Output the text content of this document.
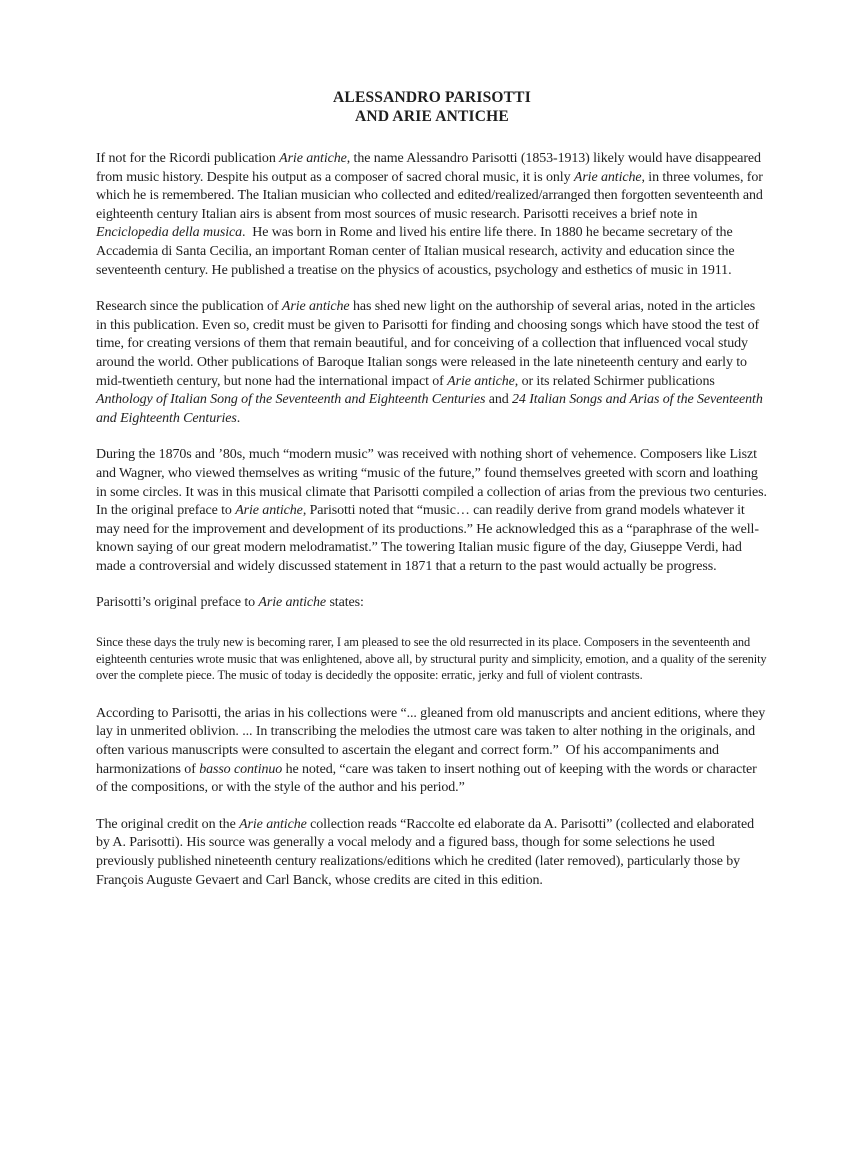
ALESSANDRO PARISOTTI
AND ARIE ANTICHE

If not for the Ricordi publication Arie antiche, the name Alessandro Parisotti (1853-1913) likely would have disappeared from music history. Despite his output as a composer of sacred choral music, it is only Arie antiche, in three volumes, for which he is remembered. The Italian musician who collected and edited/realized/arranged then forgotten seventeenth and eighteenth century Italian airs is absent from most sources of music research. Parisotti receives a brief note in Enciclopedia della musica.  He was born in Rome and lived his entire life there. In 1880 he became secretary of the Accademia di Santa Cecilia, an important Roman center of Italian musical research, activity and education since the seventeenth century. He published a treatise on the physics of acoustics, psychology and esthetics of music in 1911.

Research since the publication of Arie antiche has shed new light on the authorship of several arias, noted in the articles in this publication. Even so, credit must be given to Parisotti for finding and choosing songs which have stood the test of time, for creating versions of them that remain beautiful, and for conceiving of a collection that influenced vocal study around the world. Other publications of Baroque Italian songs were released in the late nineteenth century and early to mid-twentieth century, but none had the international impact of Arie antiche, or its related Schirmer publications Anthology of Italian Song of the Seventeenth and Eighteenth Centuries and 24 Italian Songs and Arias of the Seventeenth and Eighteenth Centuries.

During the 1870s and ’80s, much “modern music” was received with nothing short of vehemence. Composers like Liszt and Wagner, who viewed themselves as writing “music of the future,” found themselves greeted with scorn and loathing in some circles. It was in this musical climate that Parisotti compiled a collection of arias from the previous two centuries. In the original preface to Arie antiche, Parisotti noted that “music… can readily derive from grand models whatever it may need for the improvement and development of its productions.” He acknowledged this as a “paraphrase of the well-known saying of our great modern melodramatist.” The towering Italian music figure of the day, Giuseppe Verdi, had made a controversial and widely discussed statement in 1871 that a return to the past would actually be progress.

Parisotti’s original preface to Arie antiche states:

Since these days the truly new is becoming rarer, I am pleased to see the old resurrected in its place. Composers in the seventeenth and eighteenth centuries wrote music that was enlightened, above all, by structural purity and simplicity, emotion, and a quality of the serenity over the complete piece. The music of today is decidedly the opposite: erratic, jerky and full of violent contrasts.

According to Parisotti, the arias in his collections were “... gleaned from old manuscripts and ancient editions, where they lay in unmerited oblivion. ... In transcribing the melodies the utmost care was taken to alter nothing in the originals, and often various manuscripts were consulted to ascertain the elegant and correct form.”  Of his accompaniments and harmonizations of basso continuo he noted, “care was taken to insert nothing out of keeping with the words or character of the compositions, or with the style of the author and his period.”

The original credit on the Arie antiche collection reads “Raccolte ed elaborate da A. Parisotti” (collected and elaborated by A. Parisotti). His source was generally a vocal melody and a figured bass, though for some selections he used previously published nineteenth century realizations/editions which he credited (later removed), particularly those by François Auguste Gevaert and Carl Banck, whose credits are cited in this edition.
